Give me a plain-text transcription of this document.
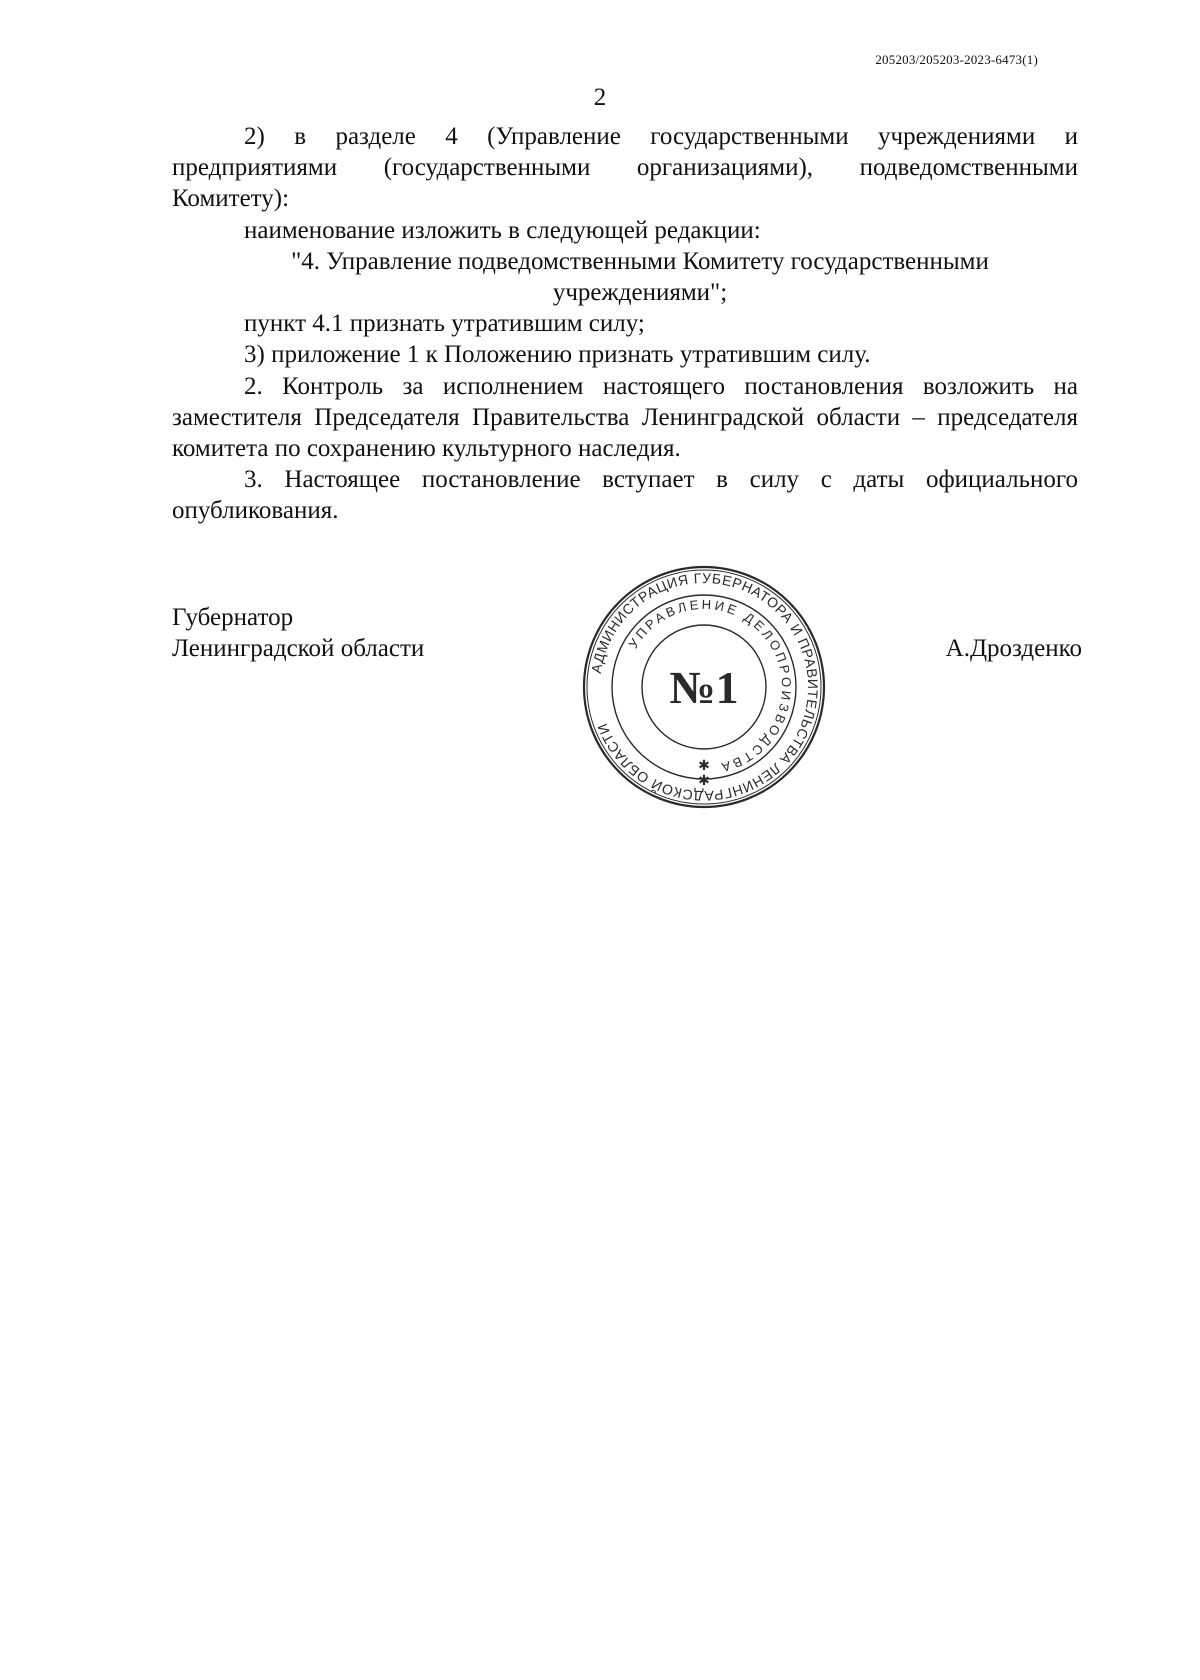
205203/205203-2023-6473(1)
2

2) в разделе 4 (Управление государственными учреждениями и предприятиями (государственными организациями), подведомственными Комитету):

наименование изложить в следующей редакции:

"4. Управление подведомственными Комитету государственными

учреждениями";

пункт 4.1 признать утратившим силу;

3) приложение 1 к Положению признать утратившим силу.

2. Контроль за исполнением настоящего постановления возложить на заместителя Председателя Правительства Ленинградской области – председателя комитета по сохранению культурного наследия.

3. Настоящее постановление вступает в силу с даты официального опубликования.

Губернатор
Ленинградской области	А.Дрозденко
АДМИНИСТРАЦИЯ ГУБЕРНАТОРА И ПРАВИТЕЛЬСТВА ЛЕНИНГРАДСКОЙ ОБЛАСТИ
УПРАВЛЕНИЕ ДЕЛОПРОИЗВОДСТВА
№1
✱
✱
